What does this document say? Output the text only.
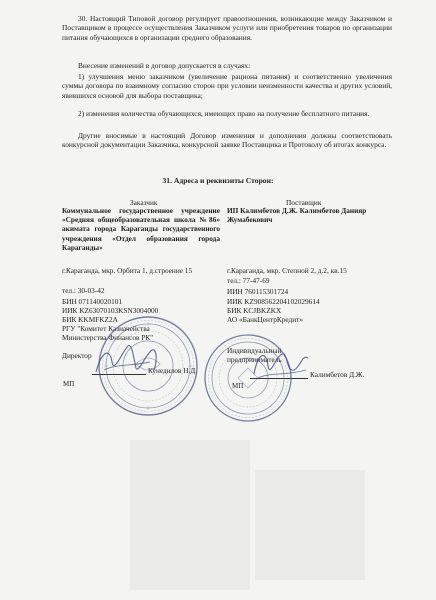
30. Настоящий Типовой договор регулирует правоотношения, возникающие между Заказчиком и Поставщиком в процессе осуществления Заказчиком услуги или приобретения товаров по организации питания обучающихся в организации среднего образования.

Внесение изменений в договор допускается в случаях:

1) улучшения меню заказчиком (увеличение рациона питания) и соответственно увеличения суммы договора по взаимному согласию сторон при условии неизменности качества и других условий, явившихся основой для выбора поставщика;

2) изменения количества обучающихся, имеющих право на получение бесплатного питания.

Другие вносимые в настоящий Договор изменения и дополнения должны соответствовать конкурсной документации Заказчика, конкурсной заявке Поставщика и Протоколу об итогах конкурса.

31. Адреса и реквизиты Сторон:
Заказчик
Коммунальное государственное учреждение «Средняя общеобразовательная школа №86» акимата города Караганды государственного учреждения «Отдел образования города Караганды»
г.Караганда, мкр. Орбита 1, д.строение 15
тел.: 30-03-42
БИН 071140020101
ИИК KZ63070103KSN3004000
БИК KKMFKZ2A
РГУ "Комитет Казначейства
Министерства Финансов РК"
Директор
Кунедилов Н.Д.
МП
Поставщик
ИП Калимбетов Д.Ж. Калимбетов Данияр Жумабекович
г.Караганда, мкр. Степной 2, д.2, кв.15
тел.: 77-47-69
ИИН 760115301724
ИИК KZ908562204102029614
БИК KCJBKZKX
АО «БанкЦентрКредит»
Индивидуальный
предприниматель
Калимбетов Д.Ж.
МП
